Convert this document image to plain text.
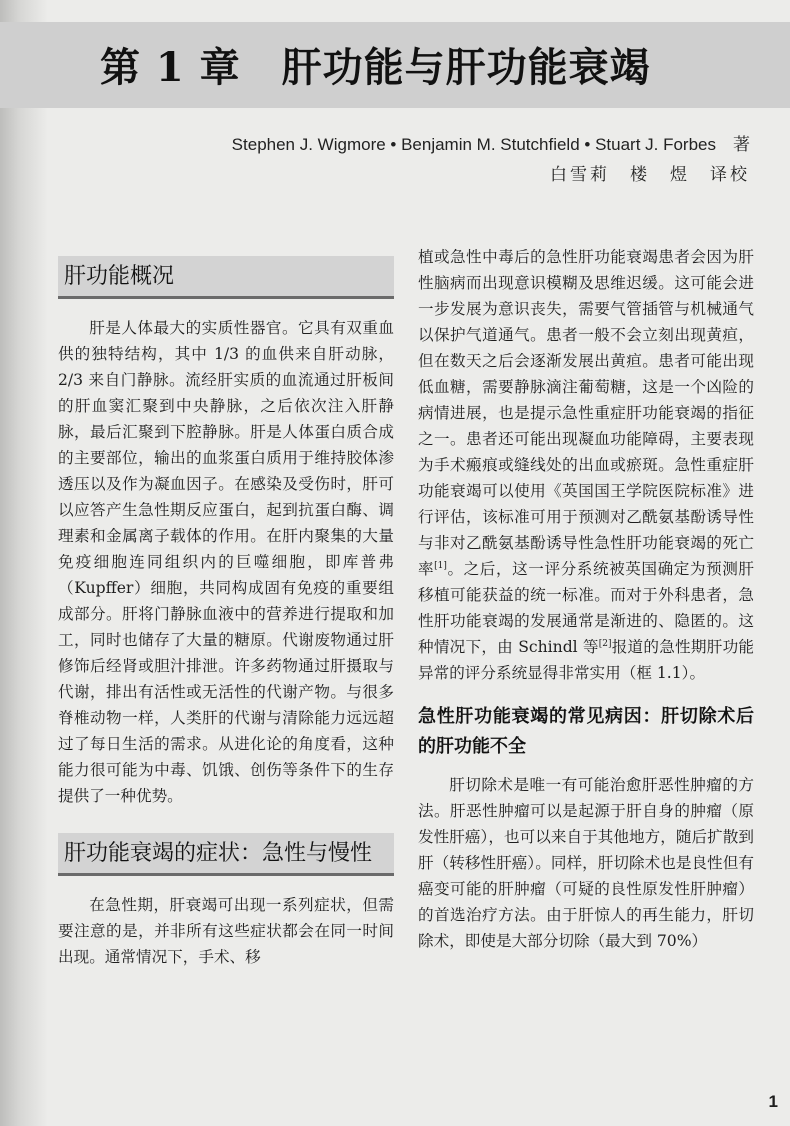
第 1 章　肝功能与肝功能衰竭

Stephen J. Wigmore • Benjamin M. Stutchfield • Stuart J. Forbes　著

白雪莉　楼　煜　译校

肝功能概况

肝是人体最大的实质性器官。它具有双重血供的独特结构，其中 1/3 的血供来自肝动脉，2/3 来自门静脉。流经肝实质的血流通过肝板间的肝血窦汇聚到中央静脉，之后依次注入肝静脉，最后汇聚到下腔静脉。肝是人体蛋白质合成的主要部位，输出的血浆蛋白质用于维持胶体渗透压以及作为凝血因子。在感染及受伤时，肝可以应答产生急性期反应蛋白，起到抗蛋白酶、调理素和金属离子载体的作用。在肝内聚集的大量免疫细胞连同组织内的巨噬细胞，即库普弗（Kupffer）细胞，共同构成固有免疫的重要组成部分。肝将门静脉血液中的营养进行提取和加工，同时也储存了大量的糖原。代谢废物通过肝修饰后经肾或胆汁排泄。许多药物通过肝摄取与代谢，排出有活性或无活性的代谢产物。与很多脊椎动物一样，人类肝的代谢与清除能力远远超过了每日生活的需求。从进化论的角度看，这种能力很可能为中毒、饥饿、创伤等条件下的生存提供了一种优势。

肝功能衰竭的症状：急性与慢性

在急性期，肝衰竭可出现一系列症状，但需要注意的是，并非所有这些症状都会在同一时间出现。通常情况下，手术、移

植或急性中毒后的急性肝功能衰竭患者会因为肝性脑病而出现意识模糊及思维迟缓。这可能会进一步发展为意识丧失，需要气管插管与机械通气以保护气道通气。患者一般不会立刻出现黄疸，但在数天之后会逐渐发展出黄疸。患者可能出现低血糖，需要静脉滴注葡萄糖，这是一个凶险的病情进展，也是提示急性重症肝功能衰竭的指征之一。患者还可能出现凝血功能障碍，主要表现为手术瘢痕或缝线处的出血或瘀斑。急性重症肝功能衰竭可以使用《英国国王学院医院标准》进行评估，该标准可用于预测对乙酰氨基酚诱导性与非对乙酰氨基酚诱导性急性肝功能衰竭的死亡率[1]。之后，这一评分系统被英国确定为预测肝移植可能获益的统一标准。而对于外科患者，急性肝功能衰竭的发展通常是渐进的、隐匿的。这种情况下，由 Schindl 等[2]报道的急性期肝功能异常的评分系统显得非常实用（框 1.1）。

急性肝功能衰竭的常见病因：肝切除术后的肝功能不全

肝切除术是唯一有可能治愈肝恶性肿瘤的方法。肝恶性肿瘤可以是起源于肝自身的肿瘤（原发性肝癌），也可以来自于其他地方，随后扩散到肝（转移性肝癌）。同样，肝切除术也是良性但有癌变可能的肝肿瘤（可疑的良性原发性肝肿瘤）的首选治疗方法。由于肝惊人的再生能力，肝切除术，即使是大部分切除（最大到 70%）

1
